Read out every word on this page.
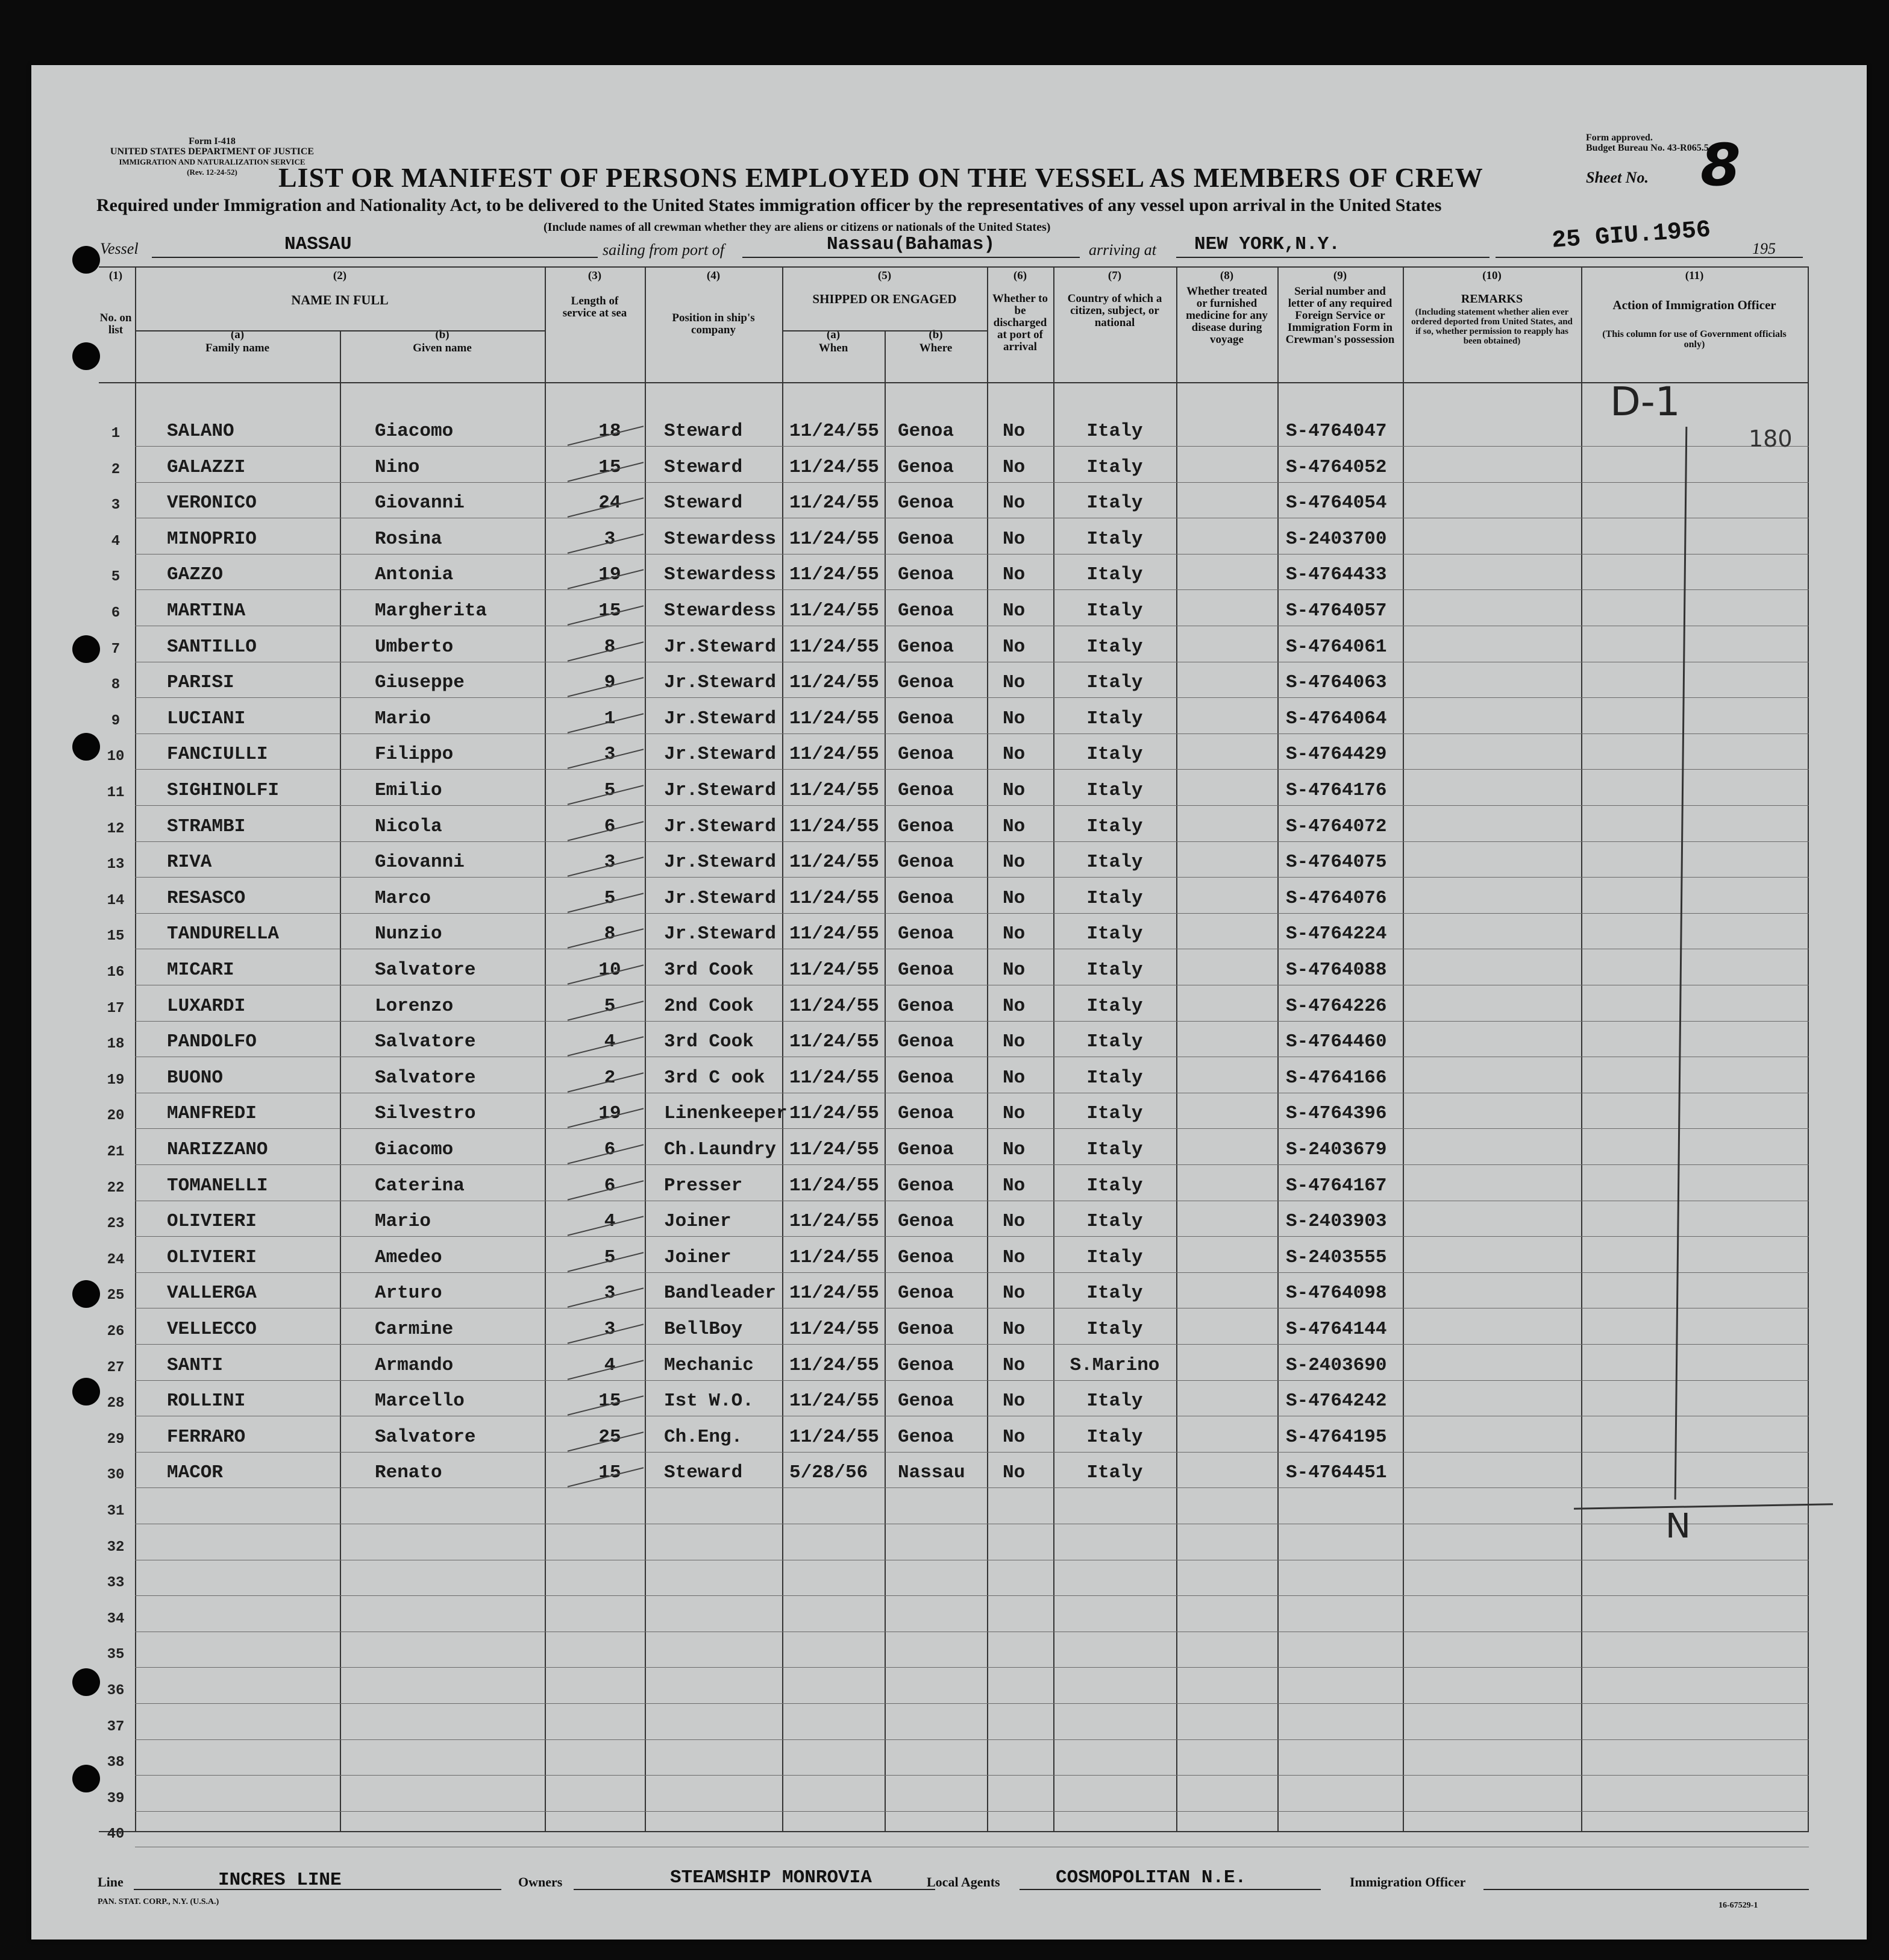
Form I-418
UNITED STATES DEPARTMENT OF JUSTICE
IMMIGRATION AND NATURALIZATION SERVICE
(Rev. 12-24-52)
Form approved.
Budget Bureau No. 43-R065.5.
Sheet No. 8
LIST OR MANIFEST OF PERSONS EMPLOYED ON THE VESSEL AS MEMBERS OF CREW
Required under Immigration and Nationality Act, to be delivered to the United States immigration officer by the representatives of any vessel upon arrival in the United States
(Include names of all crewman whether they are aliens or citizens or nationals of the United States)
Vessel	NASSAU	sailing from port of	Nassau(Bahamas)	arriving at NEW YORK,N.Y.	25 GIU.1956	195
(1)	(2)	(3)	(4)	(5)	(6)	(7)	(8)	(9)	(10)	(11)
No. on list
NAME IN FULL
(a)
Family name
(b)
Given name
Length of service at sea	Position in ship's company
SHIPPED OR ENGAGED
(a)
When
(b)
Where
Whether to be discharged at port of arrival
Country of which a citizen, subject, or national
Whether treated or furnished medicine for any disease during voyage
Serial number and letter of any required Foreign Service or Immigration Form in Crewman's possession
REMARKS
(Including statement whether alien ever ordered deported from United States, and if so, whether permission to reapply has been obtained)
Action of Immigration Officer
(This column for use of Government officials only)
1	SALANO	Giacomo	18	Steward	11/24/55 Genoa	No	Italy	S-4764047
2	GALAZZI	Nino	15	Steward	11/24/55 Genoa	No	Italy	S-4764052
3	VERONICO	Giovanni	24	Steward	11/24/55 Genoa	No	Italy	S-4764054
4	MINOPRIO	Rosina	3	Stewardess 11/24/55 Genoa	No	Italy	S-2403700
5	GAZZO	Antonia	19	Stewardess 11/24/55 Genoa	No	Italy	S-4764433
6	MARTINA	Margherita	15	Stewardess 11/24/55 Genoa	No	Italy	S-4764057
7	SANTILLO	Umberto	8	Jr.Steward 11/24/55 Genoa	No	Italy	S-4764061
8	PARISI	Giuseppe	9	Jr.Steward 11/24/55 Genoa	No	Italy	S-4764063
9	LUCIANI	Mario	1	Jr.Steward 11/24/55 Genoa	No	Italy	S-4764064
10	FANCIULLI	Filippo	3	Jr.Steward 11/24/55 Genoa	No	Italy	S-4764429
11	SIGHINOLFI	Emilio	5	Jr.Steward 11/24/55 Genoa	No	Italy	S-4764176
12	STRAMBI	Nicola	6	Jr.Steward 11/24/55 Genoa	No	Italy	S-4764072
13	RIVA	Giovanni	3	Jr.Steward 11/24/55 Genoa	No	Italy	S-4764075
14	RESASCO	Marco	5	Jr.Steward 11/24/55 Genoa	No	Italy	S-4764076
15	TANDURELLA	Nunzio	8	Jr.Steward 11/24/55 Genoa	No	Italy	S-4764224
16	MICARI	Salvatore	10	3rd Cook 11/24/55 Genoa	No	Italy	S-4764088
17	LUXARDI	Lorenzo	5	2nd Cook 11/24/55 Genoa	No	Italy	S-4764226
18	PANDOLFO	Salvatore	4	3rd Cook 11/24/55 Genoa	No	Italy	S-4764460
19	BUONO	Salvatore	2	3rd C ook 11/24/55 Genoa	No	Italy	S-4764166
20	MANFREDI	Silvestro	19	Linenkeeper 11/24/55 Genoa	No	Italy	S-4764396
21	NARIZZANO	Giacomo	6	Ch.Laundry 11/24/55 Genoa	No	Italy	S-2403679
22	TOMANELLI	Caterina	6	Presser	11/24/55 Genoa	No	Italy	S-4764167
23	OLIVIERI	Mario	4	Joiner	11/24/55 Genoa	No	Italy	S-2403903
24	OLIVIERI	Amedeo	5	Joiner	11/24/55 Genoa	No	Italy	S-2403555
25	VALLERGA	Arturo	3	Bandleader 11/24/55 Genoa	No	Italy	S-4764098
26	VELLECCO	Carmine	3	BellBoy	11/24/55 Genoa	No	Italy	S-4764144
27	SANTI	Armando	4	Mechanic 11/24/55 Genoa	No	S.Marino	S-2403690
28	ROLLINI	Marcello	15	Ist W.O. 11/24/55 Genoa	No	Italy	S-4764242
29	FERRARO	Salvatore	25	Ch.Eng.	11/24/55 Genoa	No	Italy	S-4764195
30	MACOR	Renato	15	Steward	5/28/56 Nassau No	Italy	S-4764451
31
32
33
34
35
36
37
38
39
40
D-1
180
N
Line	INCRES LINE	Owners	STEAMSHIP MONROVIA	Local Agents	COSMOPOLITAN N.E.	Immigration Officer
PAN. STAT. CORP., N.Y. (U.S.A.)	16-67529-1
